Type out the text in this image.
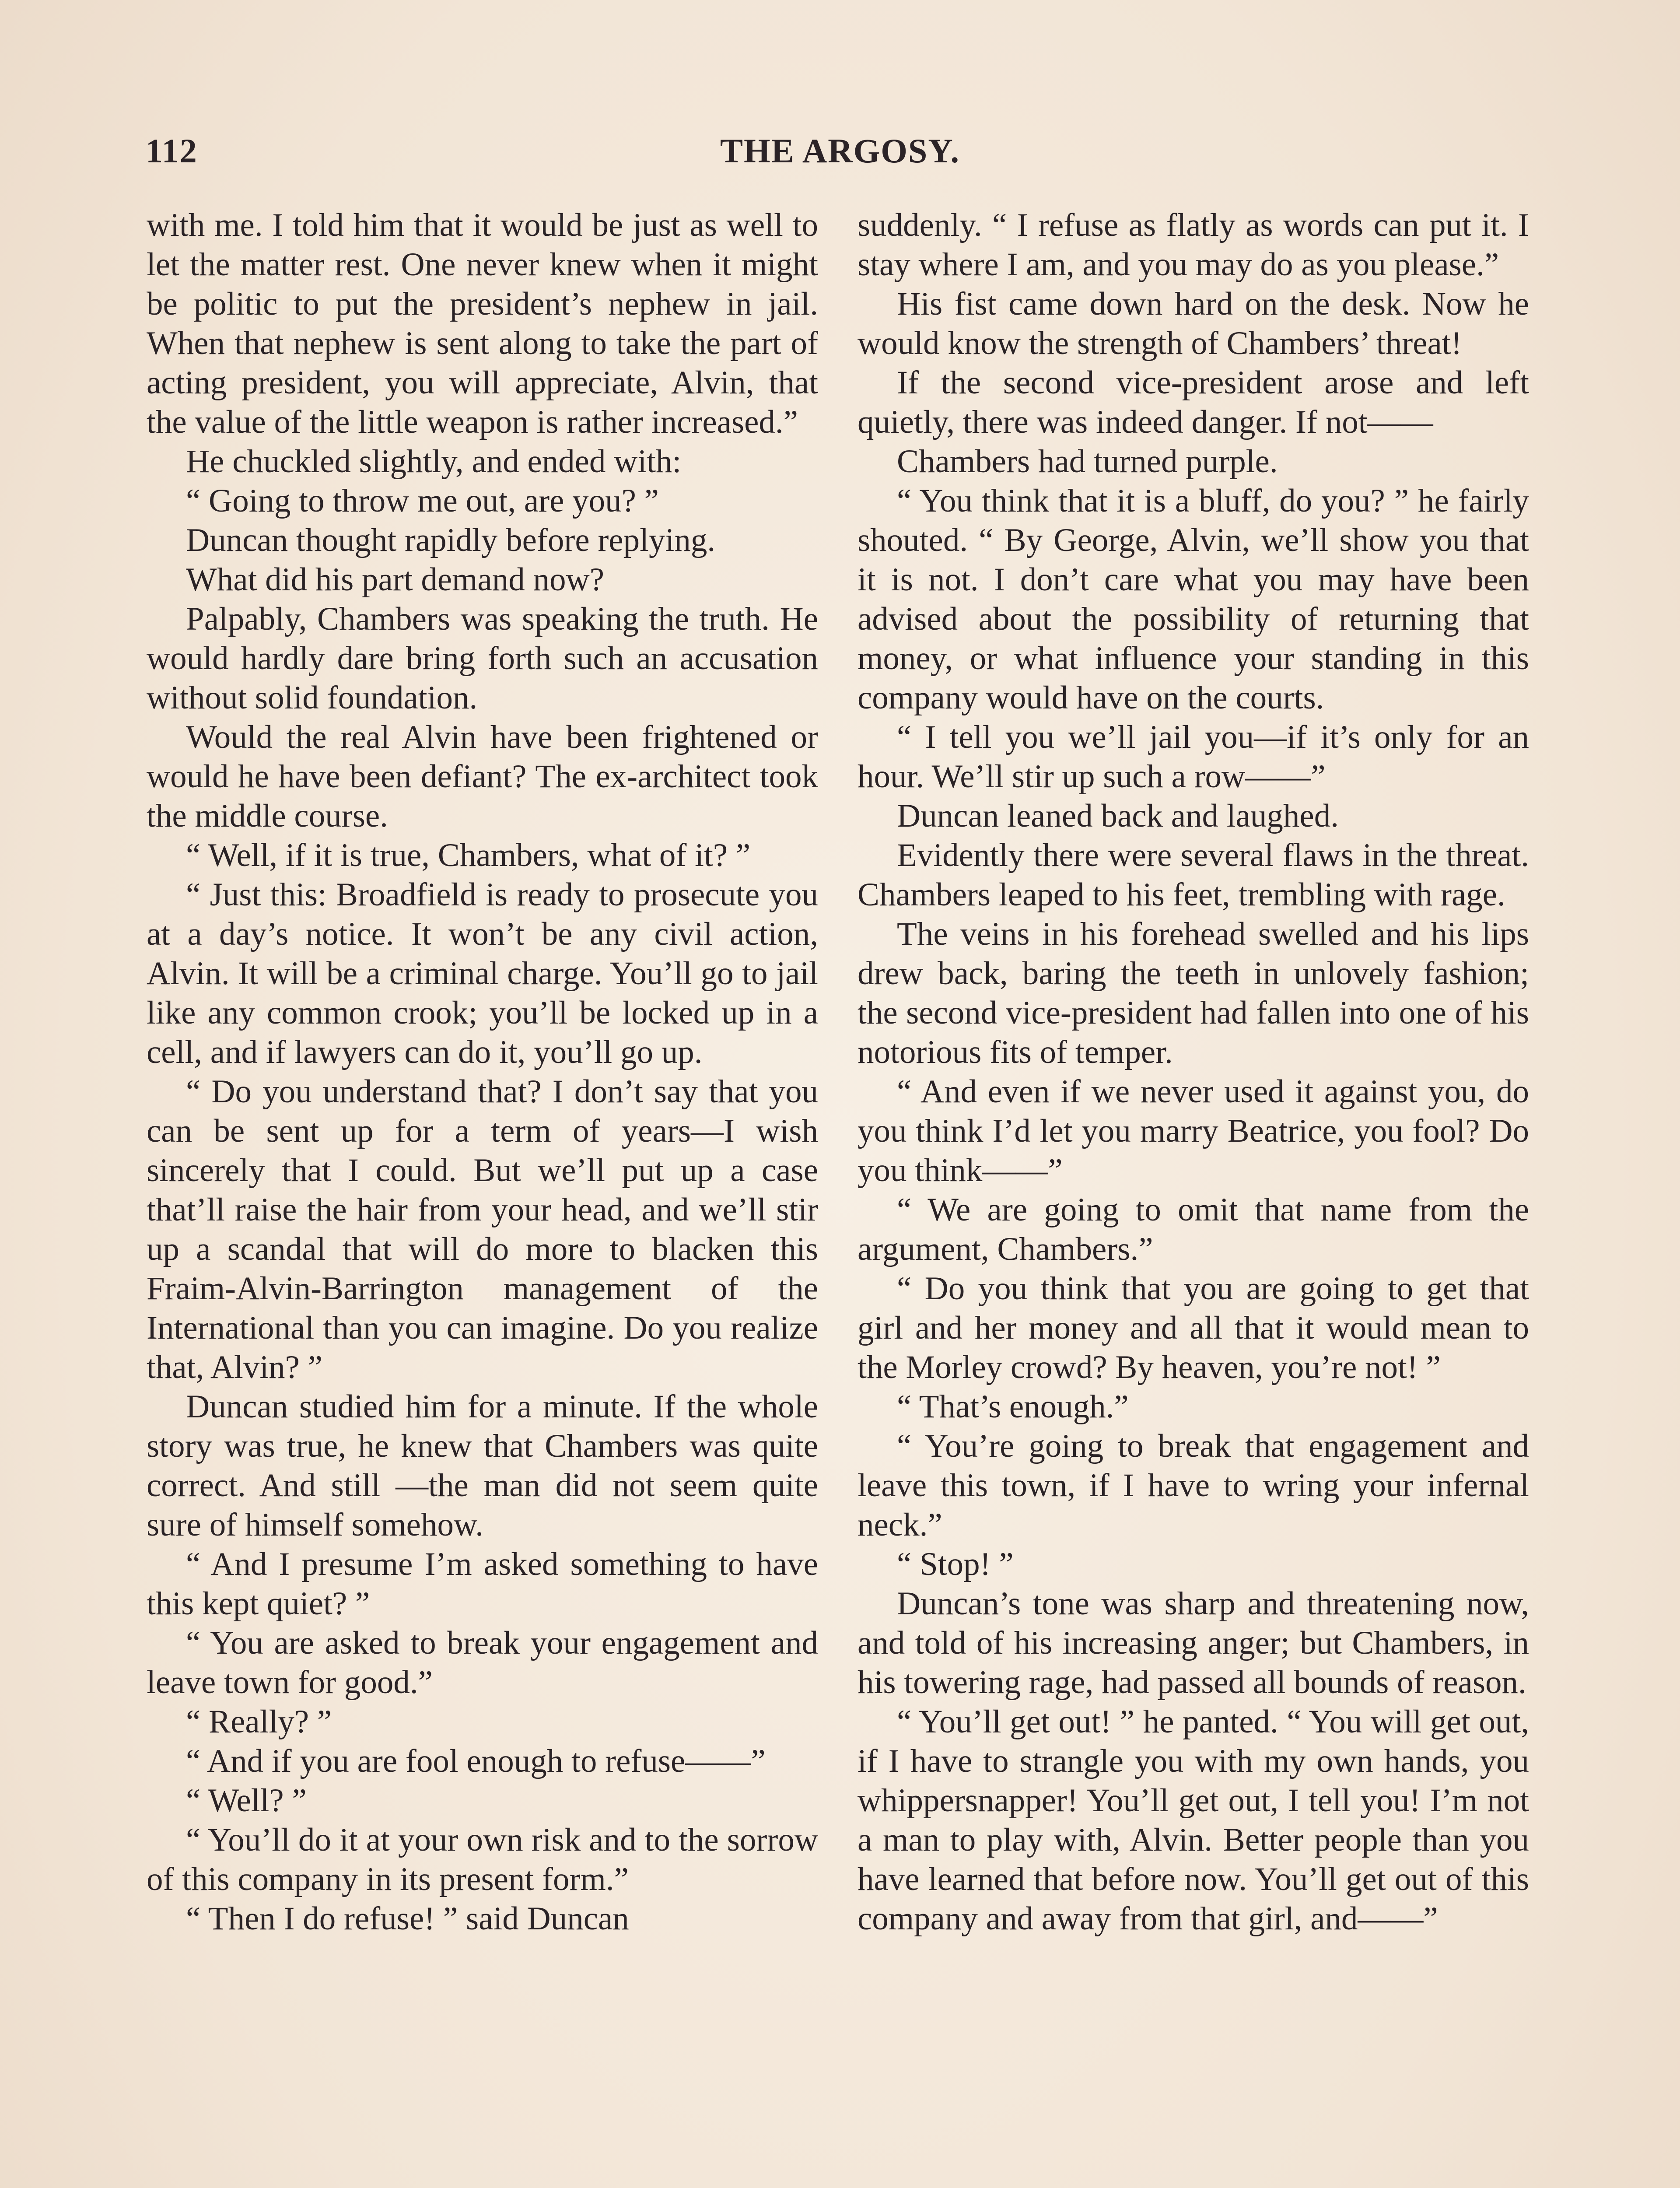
112	THE ARGOSY.

with me. I told him that it would be just as well to let the matter rest. One never knew when it might be politic to put the president’s nephew in jail. When that nephew is sent along to take the part of acting president, you will appreciate, Alvin, that the value of the little weapon is rather increased.”

He chuckled slightly, and ended with:

“ Going to throw me out, are you? ”

Duncan thought rapidly before replying.

What did his part demand now?

Palpably, Chambers was speaking the truth. He would hardly dare bring forth such an accusation without solid foundation.

Would the real Alvin have been frightened or would he have been defiant? The ex-architect took the middle course.

“ Well, if it is true, Chambers, what of it? ”

“ Just this: Broadfield is ready to prosecute you at a day’s notice. It won’t be any civil action, Alvin. It will be a criminal charge. You’ll go to jail like any common crook; you’ll be locked up in a cell, and if lawyers can do it, you’ll go up.

“ Do you understand that? I don’t say that you can be sent up for a term of years—I wish sincerely that I could. But we’ll put up a case that’ll raise the hair from your head, and we’ll stir up a scandal that will do more to blacken this Fraim-Alvin-Barrington management of the International than you can imagine. Do you realize that, Alvin? ”

Duncan studied him for a minute. If the whole story was true, he knew that Chambers was quite correct. And still —the man did not seem quite sure of himself somehow.

“ And I presume I’m asked something to have this kept quiet? ”

“ You are asked to break your engagement and leave town for good.”

“ Really? ”

“ And if you are fool enough to refuse——”

“ Well? ”

“ You’ll do it at your own risk and to the sorrow of this company in its present form.”

“ Then I do refuse! ” said Duncan

suddenly. “ I refuse as flatly as words can put it. I stay where I am, and you may do as you please.”

His fist came down hard on the desk. Now he would know the strength of Chambers’ threat!

If the second vice-president arose and left quietly, there was indeed danger. If not——

Chambers had turned purple.

“ You think that it is a bluff, do you? ” he fairly shouted. “ By George, Alvin, we’ll show you that it is not. I don’t care what you may have been advised about the possibility of returning that money, or what influence your standing in this company would have on the courts.

“ I tell you we’ll jail you—if it’s only for an hour. We’ll stir up such a row——”

Duncan leaned back and laughed.

Evidently there were several flaws in the threat. Chambers leaped to his feet, trembling with rage.

The veins in his forehead swelled and his lips drew back, baring the teeth in unlovely fashion; the second vice-president had fallen into one of his notorious fits of temper.

“ And even if we never used it against you, do you think I’d let you marry Beatrice, you fool? Do you think——”

“ We are going to omit that name from the argument, Chambers.”

“ Do you think that you are going to get that girl and her money and all that it would mean to the Morley crowd? By heaven, you’re not! ”

“ That’s enough.”

“ You’re going to break that engagement and leave this town, if I have to wring your infernal neck.”

“ Stop! ”

Duncan’s tone was sharp and threatening now, and told of his increasing anger; but Chambers, in his towering rage, had passed all bounds of reason.

“ You’ll get out! ” he panted. “ You will get out, if I have to strangle you with my own hands, you whippersnapper! You’ll get out, I tell you! I’m not a man to play with, Alvin. Better people than you have learned that before now. You’ll get out of this company and away from that girl, and——”
